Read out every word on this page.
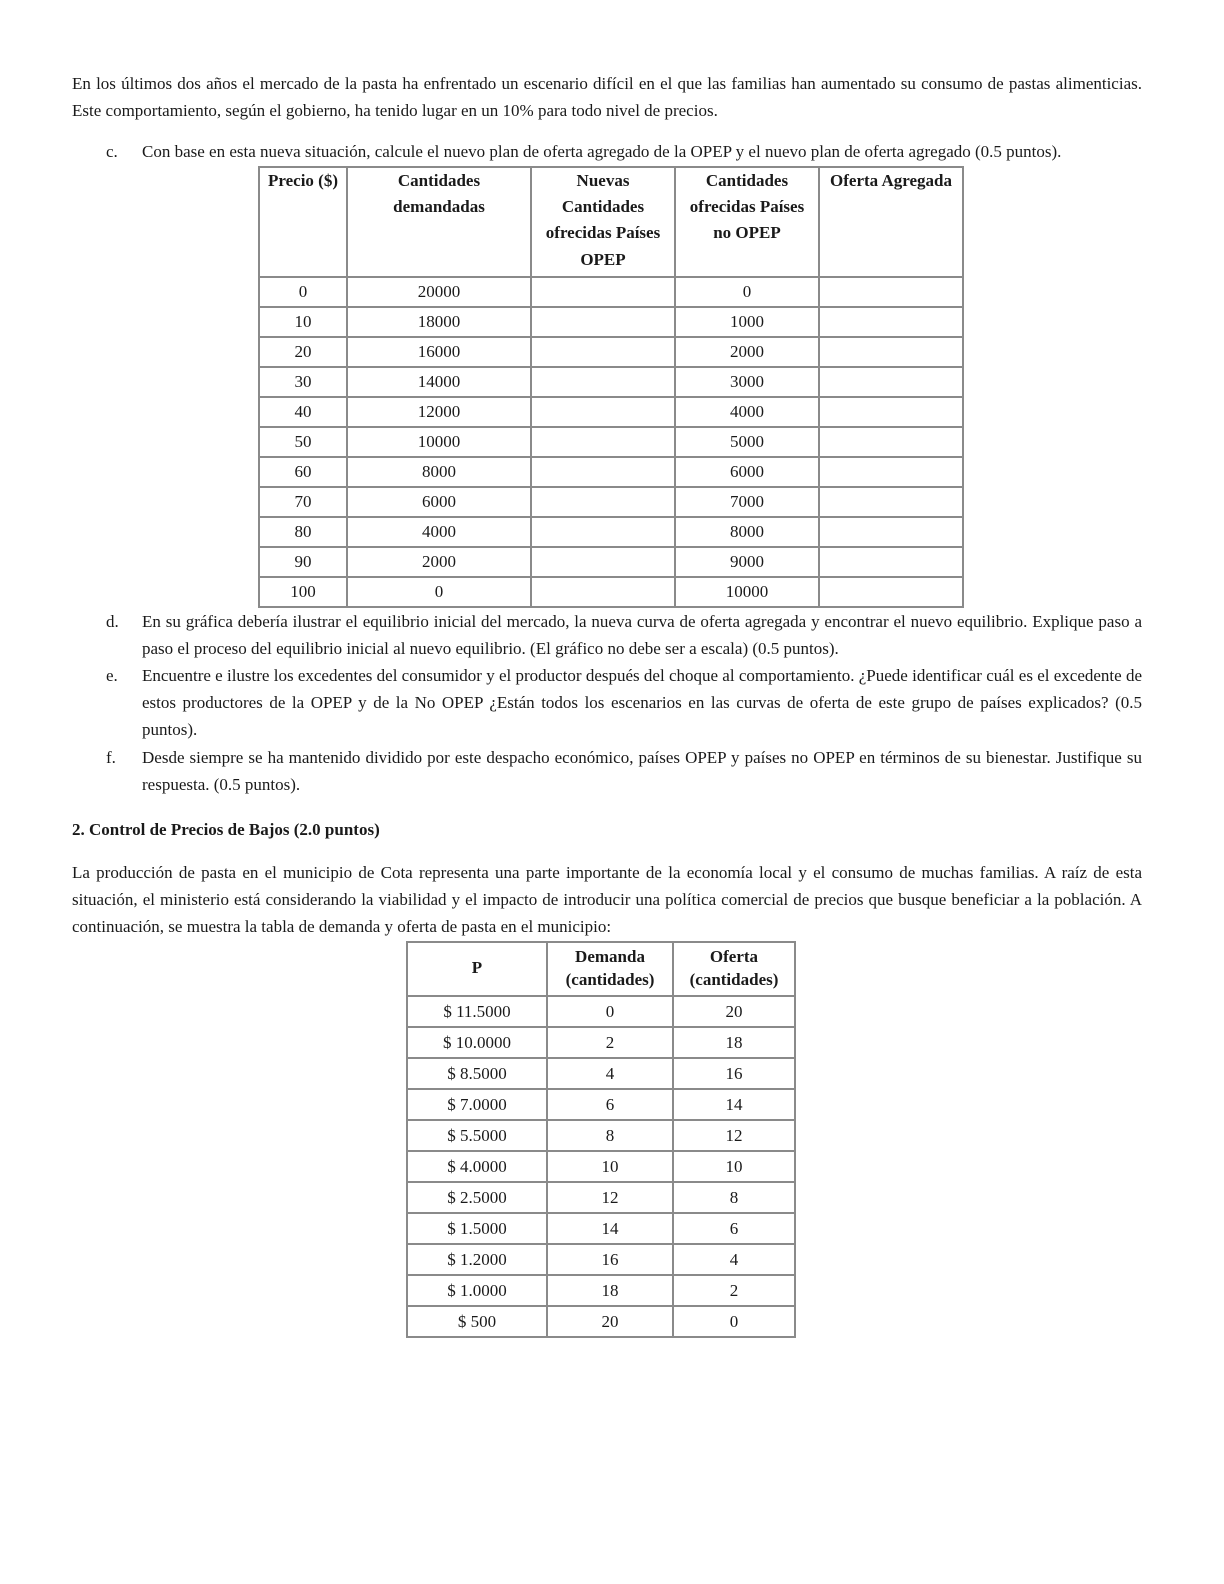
En los últimos dos años el mercado de la pasta ha enfrentado un escenario difícil en el que las familias han aumentado su consumo de pastas alimenticias. Este comportamiento, según el gobierno, ha tenido lugar en un 10% para todo nivel de precios.

c. Con base en esta nueva situación, calcule el nuevo plan de oferta agregado de la OPEP y el nuevo plan de oferta agregado (0.5 puntos).
Precio ($)	Cantidades demandadas	Nuevas Cantidades ofrecidas Países OPEP	Cantidades ofrecidas Países no OPEP	Oferta Agregada
0	20000		0	
10	18000		1000	
20	16000		2000	
30	14000		3000	
40	12000		4000	
50	10000		5000	
60	8000		6000	
70	6000		7000	
80	4000		8000	
90	2000		9000	
100	0		10000	
d. En su gráfica debería ilustrar el equilibrio inicial del mercado, la nueva curva de oferta agregada y encontrar el nuevo equilibrio. Explique paso a paso el proceso del equilibrio inicial al nuevo equilibrio. (El gráfico no debe ser a escala) (0.5 puntos).
e. Encuentre e ilustre los excedentes del consumidor y el productor después del choque al comportamiento. ¿Puede identificar cuál es el excedente de estos productores de la OPEP y de la No OPEP ¿Están todos los escenarios en las curvas de oferta de este grupo de países explicados? (0.5 puntos).
f. Desde siempre se ha mantenido dividido por este despacho económico, países OPEP y países no OPEP en términos de su bienestar. Justifique su respuesta. (0.5 puntos).

2. Control de Precios de Bajos (2.0 puntos)

La producción de pasta en el municipio de Cota representa una parte importante de la economía local y el consumo de muchas familias. A raíz de esta situación, el ministerio está considerando la viabilidad y el impacto de introducir una política comercial de precios que busque beneficiar a la población. A continuación, se muestra la tabla de demanda y oferta de pasta en el municipio:

P	Demanda (cantidades)	Oferta (cantidades)
$ 11.5000	0	20
$ 10.0000	2	18
$ 8.5000	4	16
$ 7.0000	6	14
$ 5.5000	8	12
$ 4.0000	10	10
$ 2.5000	12	8
$ 1.5000	14	6
$ 1.2000	16	4
$ 1.0000	18	2
$ 500	20	0
